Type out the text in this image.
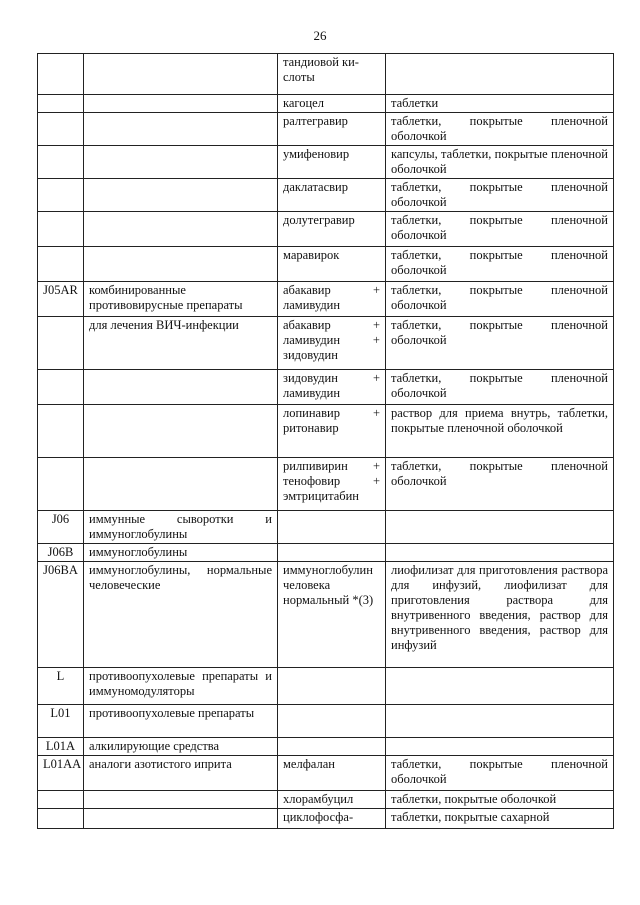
26
		тандиовой ки-
слоты	
		кагоцел	таблетки
		ралтегравир	таблетки, покрытые пленочной оболочкой
		умифеновир	капсулы, таблетки, покрытые пленочной оболочкой
		даклатасвир	таблетки, покрытые пленочной оболочкой
		долутегравир	таблетки, покрытые пленочной оболочкой
		маравирок	таблетки, покрытые пленочной оболочкой
J05AR	комбинированные противовирусные препараты	абакавир + ламивудин	таблетки, покрытые пленочной оболочкой
	для лечения ВИЧ-инфекции	абакавир + ламивудин + зидовудин	таблетки, покрытые пленочной оболочкой
		зидовудин + ламивудин	таблетки, покрытые пленочной оболочкой
		лопинавир + ритонавир	раствор для приема внутрь, таблетки, покрытые пленочной оболочкой
		рилпивирин + тенофовир + эмтрицитабин	таблетки, покрытые пленочной оболочкой
J06	иммунные сыворотки и иммуноглобулины		
J06B	иммуноглобулины		
J06BA	иммуноглобулины, нормальные человеческие	иммуноглобулин человека нормальный *(3)	лиофилизат для приготовления раствора для инфузий, лиофилизат для приготовления раствора для внутривенного введения, раствор для внутривенного введения, раствор для инфузий
L	противоопухолевые препараты и иммуномодуляторы		
L01	противоопухолевые препараты		
L01A	алкилирующие средства		
L01AA	аналоги азотистого иприта	мелфалан	таблетки, покрытые пленочной оболочкой
		хлорамбуцил	таблетки, покрытые оболочкой
		циклофосфа-	таблетки, покрытые сахарной
